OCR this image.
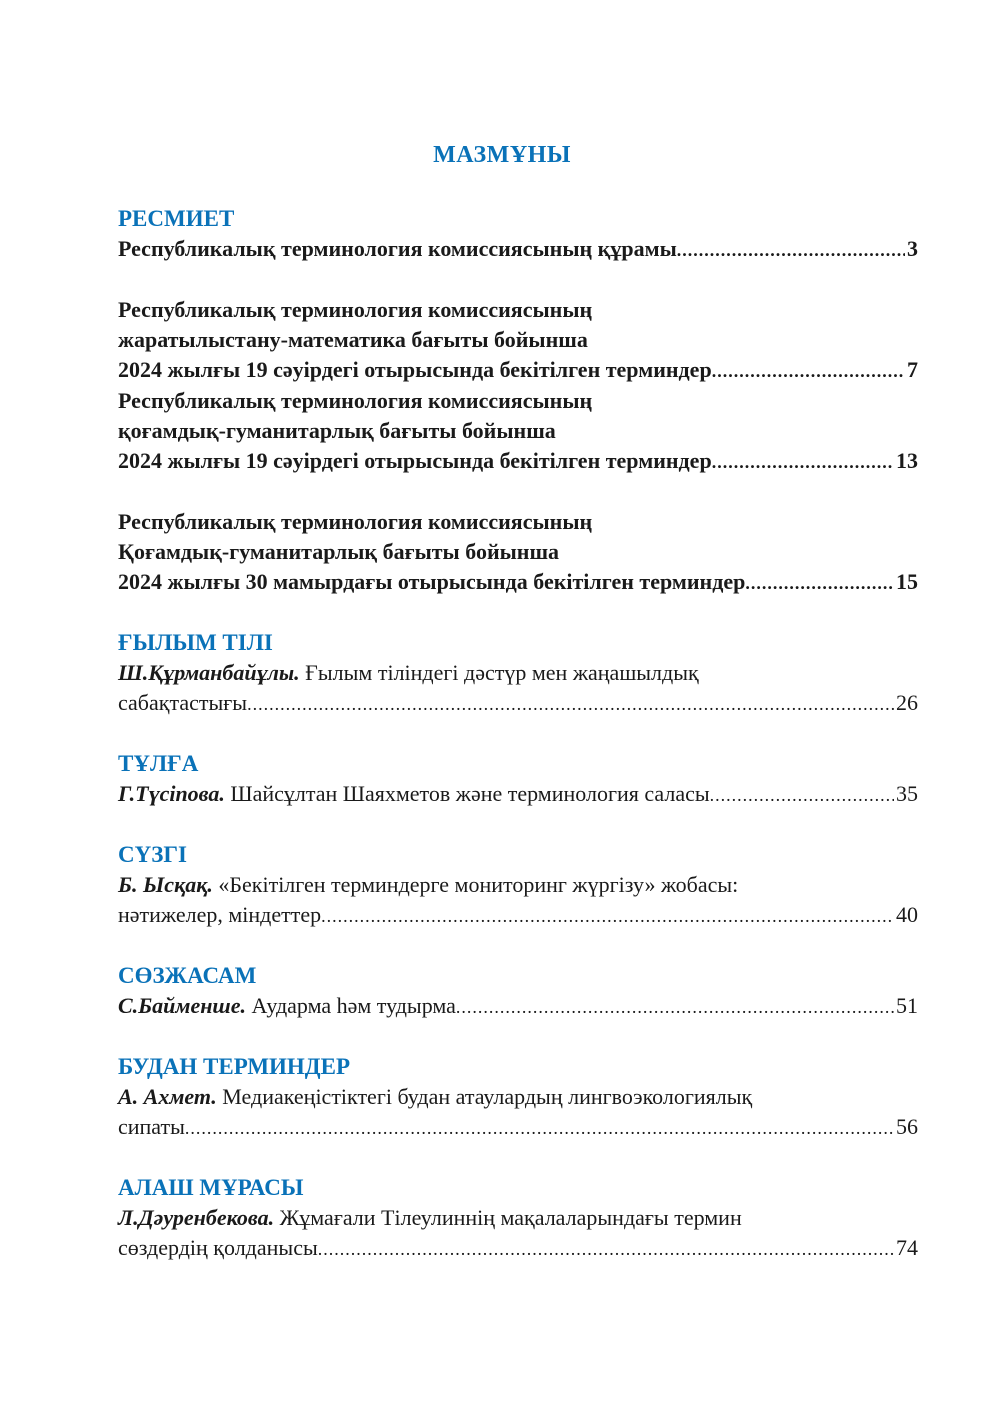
МАЗМҰНЫ
РЕСМИЕТ
Республикалық терминология комиссиясының құрамы .....	3
Республикалық терминология комиссиясының
жаратылыстану-математика бағыты бойынша
2024 жылғы 19 сәуірдегі отырысында бекітілген терминдер .....	7
Республикалық терминология комиссиясының
қоғамдық-гуманитарлық бағыты бойынша
2024 жылғы 19 сәуірдегі отырысында бекітілген терминдер .....	13
Республикалық терминология комиссиясының
Қоғамдық-гуманитарлық бағыты бойынша
2024 жылғы 30 мамырдағы отырысында бекітілген терминдер .....	15
ҒЫЛЫМ ТІЛІ
Ш.Құрманбайұлы. Ғылым тіліндегі дәстүр мен жаңашылдық
сабақтастығы .....	26
ТҰЛҒА
Г.Түсіпова. Шайсұлтан Шаяхметов және терминология саласы .....	35
СҮЗГІ
Б. Ысқақ. «Бекітілген терминдерге мониторинг жүргізу» жобасы:
нәтижелер, міндеттер .....	40
СӨЗЖАСАМ
С.Байменше. Аударма һәм тудырма .....	51
БУДАН ТЕРМИНДЕР
А. Ахмет. Медиакеңістіктегі будан атаулардың лингвоэкологиялық
сипаты .....	56
АЛАШ МҰРАСЫ
Л.Дәуренбекова. Жұмағали Тілеулиннің мақалаларындағы термин
сөздердің қолданысы .....	74
